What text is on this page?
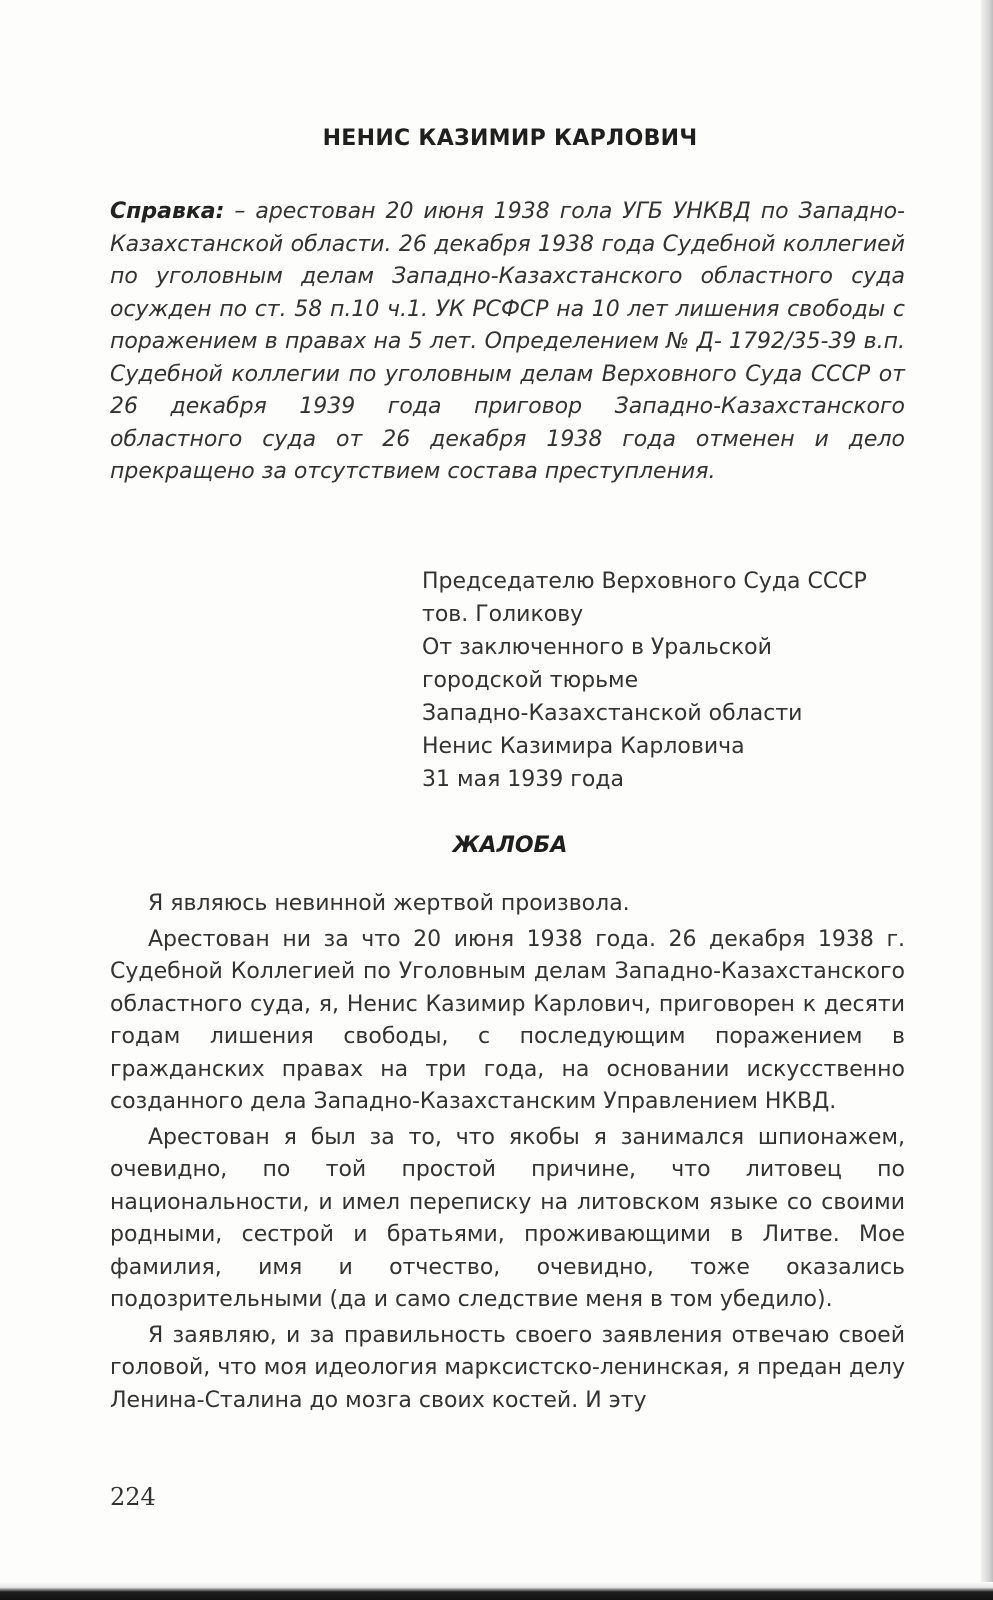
НЕНИС КАЗИМИР КАРЛОВИЧ

Справка: – арестован 20 июня 1938 гола УГБ УНКВД по Западно-Казахстанской области. 26 декабря 1938 года Судебной коллегией по уголовным делам Западно-Казахстанского областного суда осужден по ст. 58 п.10 ч.1. УК РСФСР на 10 лет лишения свободы с поражением в правах на 5 лет. Определением № Д- 1792/35-39 в.п. Судебной коллегии по уголовным делам Верховного Суда СССР от 26 декабря 1939 года приговор Западно-Казахстанского областного суда от 26 декабря 1938 года отменен и дело прекращено за отсутствием состава преступления.

Председателю Верховного Суда СССР
тов. Голикову
От заключенного в Уральской
городской тюрьме
Западно-Казахстанской области
Ненис Казимира Карловича
31 мая 1939 года
ЖАЛОБА

Я являюсь невинной жертвой произвола.

Арестован ни за что 20 июня 1938 года. 26 декабря 1938 г. Судебной Коллегией по Уголовным делам Западно-Казахстанского областного суда, я, Ненис Казимир Карлович, приговорен к десяти годам лишения свободы, с последующим поражением в гражданских правах на три года, на основании искусственно созданного дела Западно-Казахстанским Управлением НКВД.

Арестован я был за то, что якобы я занимался шпионажем, очевидно, по той простой причине, что литовец по национальности, и имел переписку на литовском языке со своими родными, сестрой и братьями, проживающими в Литве. Мое фамилия, имя и отчество, очевидно, тоже оказались подозрительными (да и само следствие меня в том убедило).

Я заявляю, и за правильность своего заявления отвечаю своей головой, что моя идеология марксистско-ленинская, я предан делу Ленина-Сталина до мозга своих костей. И эту

224
